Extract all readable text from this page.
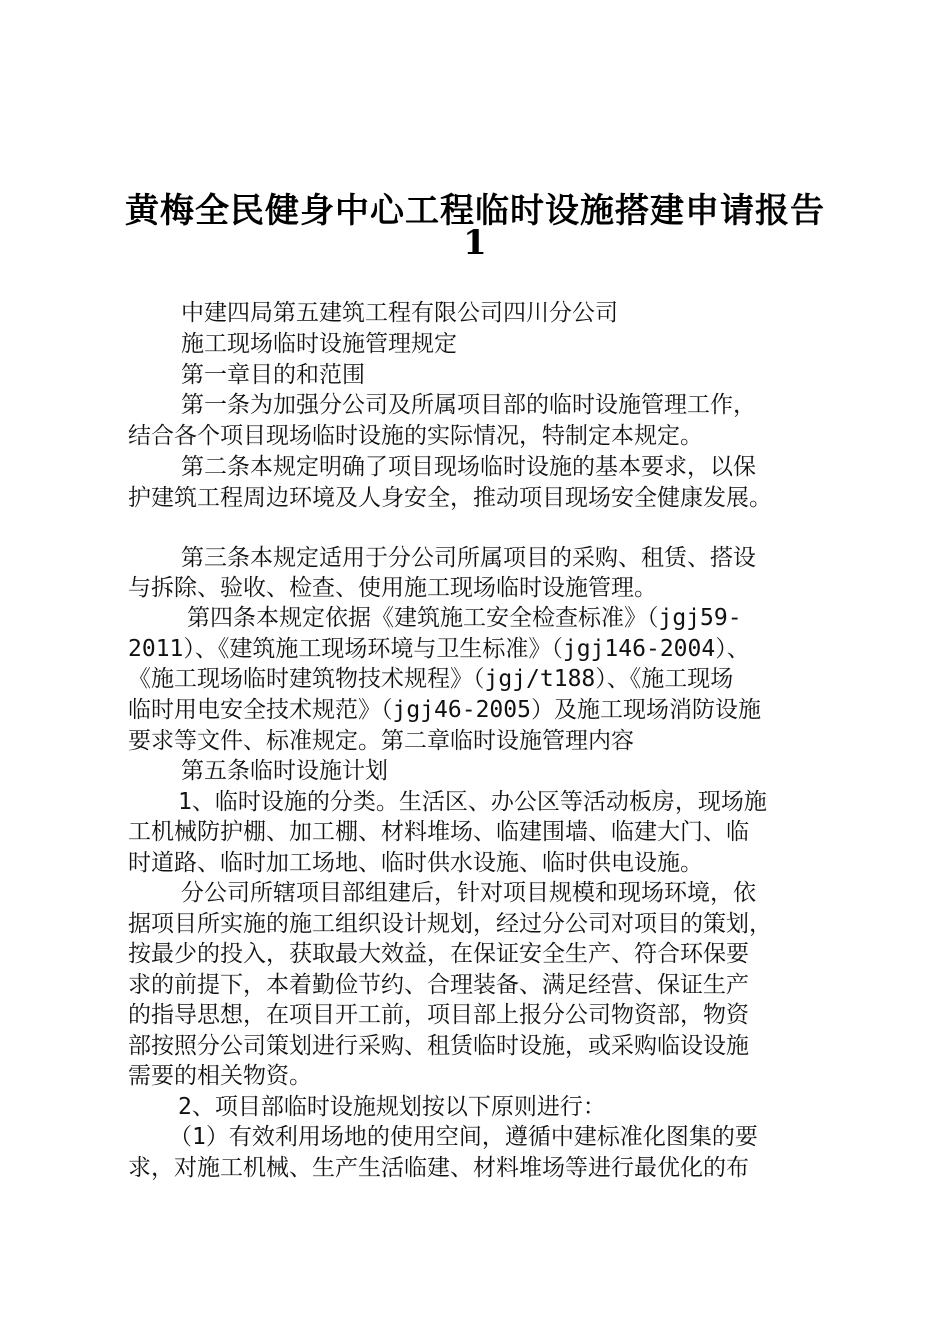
黄梅全民健身中心工程临时设施搭建申请报告
1
中建四局第五建筑工程有限公司四川分公司
施工现场临时设施管理规定
第一章目的和范围
第一条为加强分公司及所属项目部的临时设施管理工作，
结合各个项目现场临时设施的实际情况，特制定本规定。
第二条本规定明确了项目现场临时设施的基本要求，以保
护建筑工程周边环境及人身安全，推动项目现场安全健康发展。
第三条本规定适用于分公司所属项目的采购、租赁、搭设
与拆除、验收、检查、使用施工现场临时设施管理。
第四条本规定依据《建筑施工安全检查标准》（jgj59-
2011）、《建筑施工现场环境与卫生标准》（jgj146-2004）、
《施工现场临时建筑物技术规程》（jgj/t188）、《施工现场
临时用电安全技术规范》（jgj46-2005）及施工现场消防设施
要求等文件、标准规定。第二章临时设施管理内容
第五条临时设施计划
1、临时设施的分类。生活区、办公区等活动板房，现场施
工机械防护棚、加工棚、材料堆场、临建围墙、临建大门、临
时道路、临时加工场地、临时供水设施、临时供电设施。
分公司所辖项目部组建后，针对项目规模和现场环境，依
据项目所实施的施工组织设计规划，经过分公司对项目的策划，
按最少的投入，获取最大效益，在保证安全生产、符合环保要
求的前提下，本着勤俭节约、合理装备、满足经营、保证生产
的指导思想，在项目开工前，项目部上报分公司物资部，物资
部按照分公司策划进行采购、租赁临时设施，或采购临设设施
需要的相关物资。
2、项目部临时设施规划按以下原则进行：
（1）有效利用场地的使用空间，遵循中建标准化图集的要
求，对施工机械、生产生活临建、材料堆场等进行最优化的布
